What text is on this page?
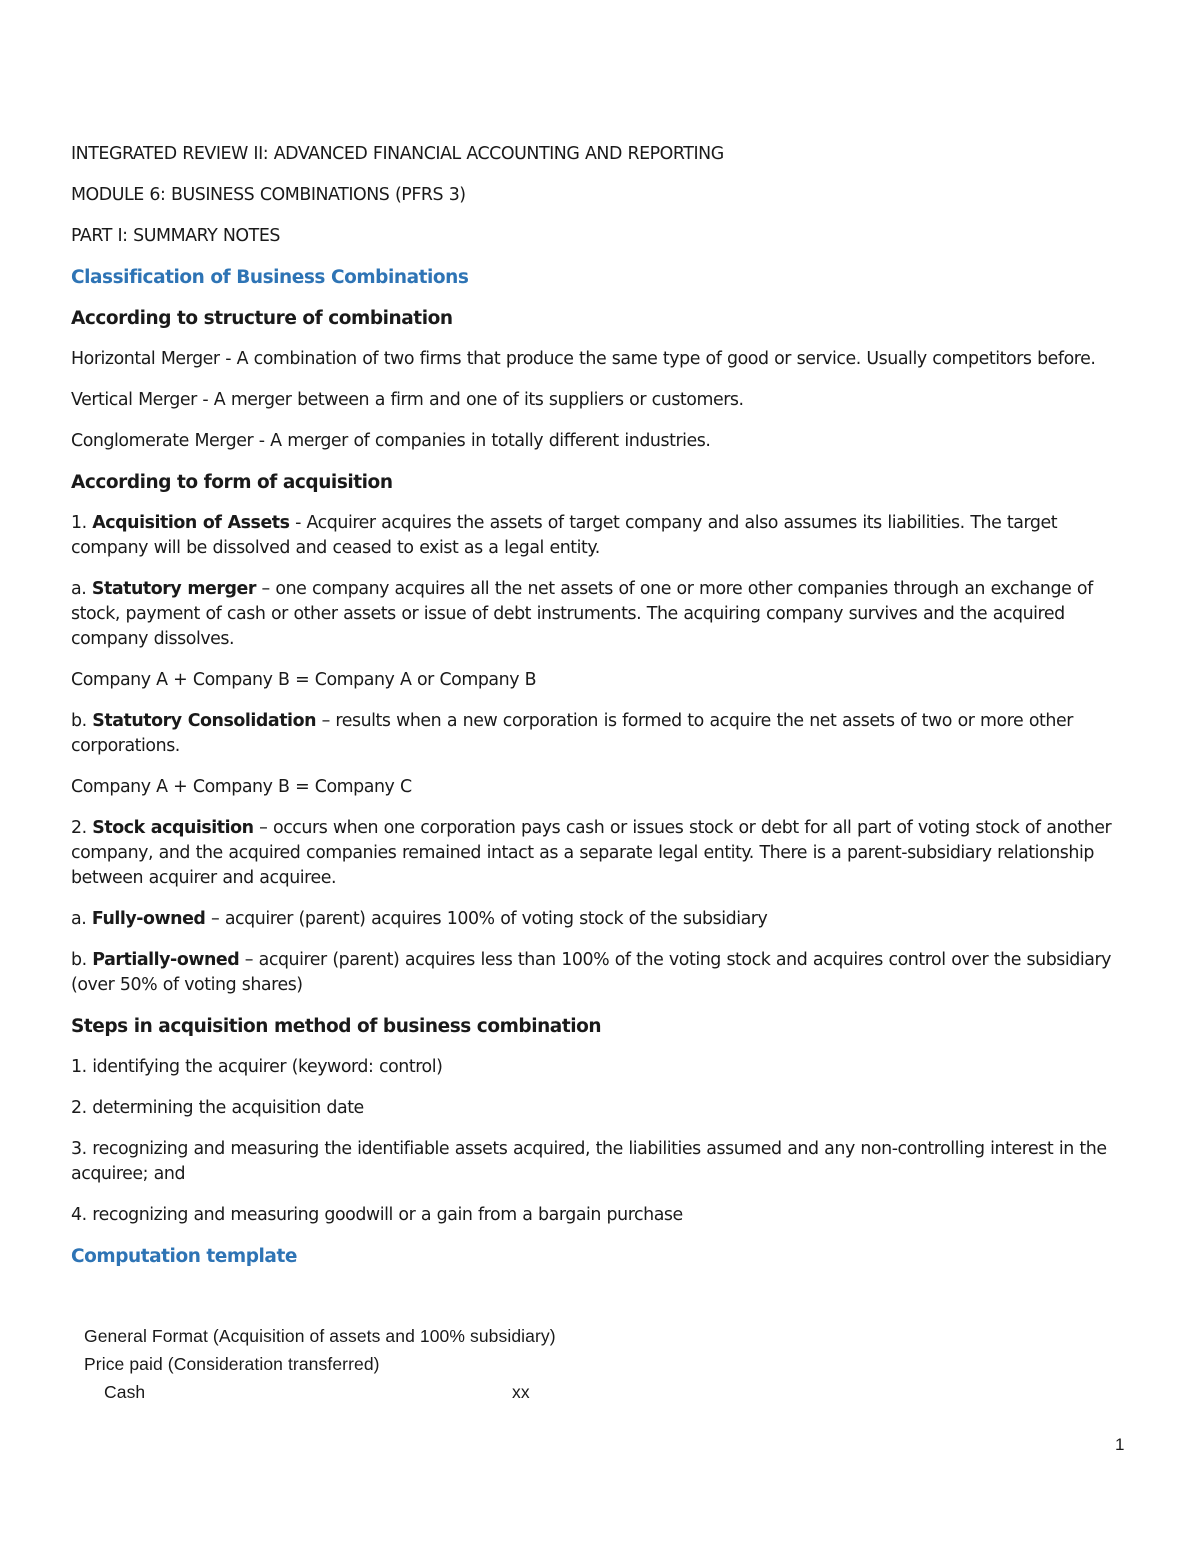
INTEGRATED REVIEW II: ADVANCED FINANCIAL ACCOUNTING AND REPORTING

MODULE 6: BUSINESS COMBINATIONS (PFRS 3)

PART I: SUMMARY NOTES

Classification of Business Combinations

According to structure of combination

Horizontal Merger - A combination of two firms that produce the same type of good or service. Usually competitors before.

Vertical Merger - A merger between a firm and one of its suppliers or customers.

Conglomerate Merger - A merger of companies in totally different industries.

According to form of acquisition

1. Acquisition of Assets - Acquirer acquires the assets of target company and also assumes its liabilities. The target company will be dissolved and ceased to exist as a legal entity.

a. Statutory merger – one company acquires all the net assets of one or more other companies through an exchange of stock, payment of cash or other assets or issue of debt instruments. The acquiring company survives and the acquired company dissolves.

Company A + Company B = Company A or Company B

b. Statutory Consolidation – results when a new corporation is formed to acquire the net assets of two or more other corporations.

Company A + Company B = Company C

2. Stock acquisition – occurs when one corporation pays cash or issues stock or debt for all part of voting stock of another company, and the acquired companies remained intact as a separate legal entity. There is a parent-subsidiary relationship between acquirer and acquiree.

a. Fully-owned – acquirer (parent) acquires 100% of voting stock of the subsidiary

b. Partially-owned – acquirer (parent) acquires less than 100% of the voting stock and acquires control over the subsidiary (over 50% of voting shares)

Steps in acquisition method of business combination

1. identifying the acquirer (keyword: control)

2. determining the acquisition date

3. recognizing and measuring the identifiable assets acquired, the liabilities assumed and any non-controlling interest in the acquiree; and

4. recognizing and measuring goodwill or a gain from a bargain purchase

Computation template

General Format (Acquisition of assets and 100% subsidiary)
Price paid (Consideration transferred)
Cash	xx
1
